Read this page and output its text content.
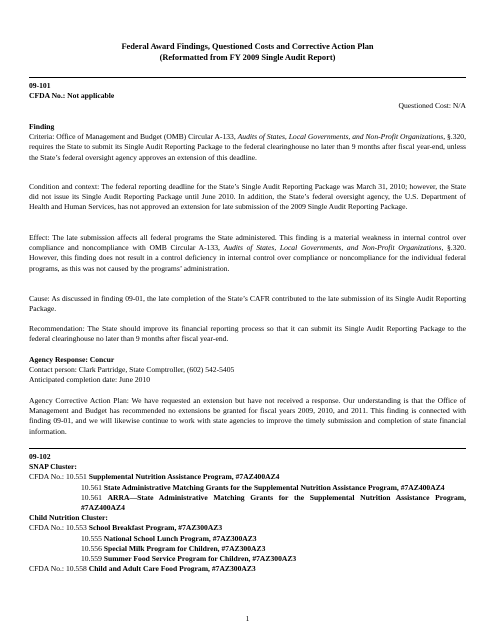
Federal Award Findings, Questioned Costs and Corrective Action Plan
(Reformatted from FY 2009 Single Audit Report)
09-101
CFDA No.: Not applicable
Questioned Cost: N/A
Finding

Criteria: Office of Management and Budget (OMB) Circular A-133, Audits of States, Local Governments, and Non-Profit Organizations, §.320, requires the State to submit its Single Audit Reporting Package to the federal clearinghouse no later than 9 months after fiscal year-end, unless the State’s federal oversight agency approves an extension of this deadline.

Condition and context: The federal reporting deadline for the State’s Single Audit Reporting Package was March 31, 2010; however, the State did not issue its Single Audit Reporting Package until June 2010. In addition, the State’s federal oversight agency, the U.S. Department of Health and Human Services, has not approved an extension for late submission of the 2009 Single Audit Reporting Package.

Effect: The late submission affects all federal programs the State administered. This finding is a material weakness in internal control over compliance and noncompliance with OMB Circular A-133, Audits of States, Local Governments, and Non-Profit Organizations, §.320. However, this finding does not result in a control deficiency in internal control over compliance or noncompliance for the individual federal programs, as this was not caused by the programs’ administration.

Cause: As discussed in finding 09-01, the late completion of the State’s CAFR contributed to the late submission of its Single Audit Reporting Package.

Recommendation: The State should improve its financial reporting process so that it can submit its Single Audit Reporting Package to the federal clearinghouse no later than 9 months after fiscal year-end.

Agency Response: Concur
Contact person: Clark Partridge, State Comptroller, (602) 542-5405
Anticipated completion date: June 2010

Agency Corrective Action Plan: We have requested an extension but have not received a response. Our understanding is that the Office of Management and Budget has recommended no extensions be granted for fiscal years 2009, 2010, and 2011. This finding is connected with finding 09-01, and we will likewise continue to work with state agencies to improve the timely submission and completion of state financial information.

09-102
SNAP Cluster:
CFDA No.: 10.551 Supplemental Nutrition Assistance Program, #7AZ400AZ4

10.561 State Administrative Matching Grants for the Supplemental Nutrition Assistance Program, #7AZ400AZ4

10.561 ARRA—State Administrative Matching Grants for the Supplemental Nutrition Assistance Program, #7AZ400AZ4

Child Nutrition Cluster:
CFDA No.: 10.553 School Breakfast Program, #7AZ300AZ3
10.555 National School Lunch Program, #7AZ300AZ3
10.556 Special Milk Program for Children, #7AZ300AZ3
10.559 Summer Food Service Program for Children, #7AZ300AZ3
CFDA No.: 10.558 Child and Adult Care Food Program, #7AZ300AZ3
1
